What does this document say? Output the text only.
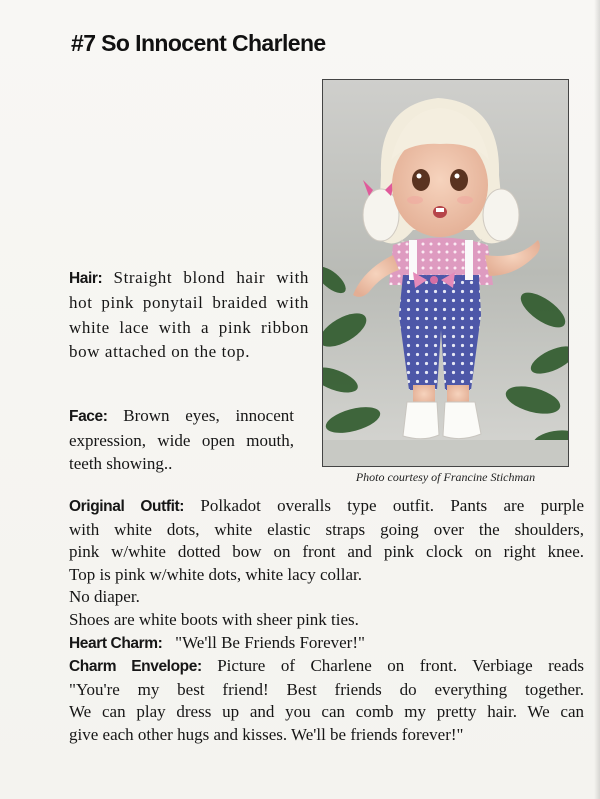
#7 So Innocent Charlene
Photo courtesy of Francine Stichman
Hair: Straight blond hair with hot pink ponytail braided with white lace with a pink ribbon bow attached on the top.
Face: Brown eyes, innocent expression, wide open mouth, teeth showing..

Original Outfit: Polkadot overalls type outfit. Pants are purple

with white dots, white elastic straps going over the shoulders,

pink w/white dotted bow on front and pink clock on right knee.

Top is pink w/white dots, white lacy collar.

No diaper.

Shoes are white boots with sheer pink ties.

Heart Charm: "We'll Be Friends Forever!"

Charm Envelope: Picture of Charlene on front. Verbiage reads

"You're my best friend! Best friends do everything together.

We can play dress up and you can comb my pretty hair. We can

give each other hugs and kisses. We'll be friends forever!"
